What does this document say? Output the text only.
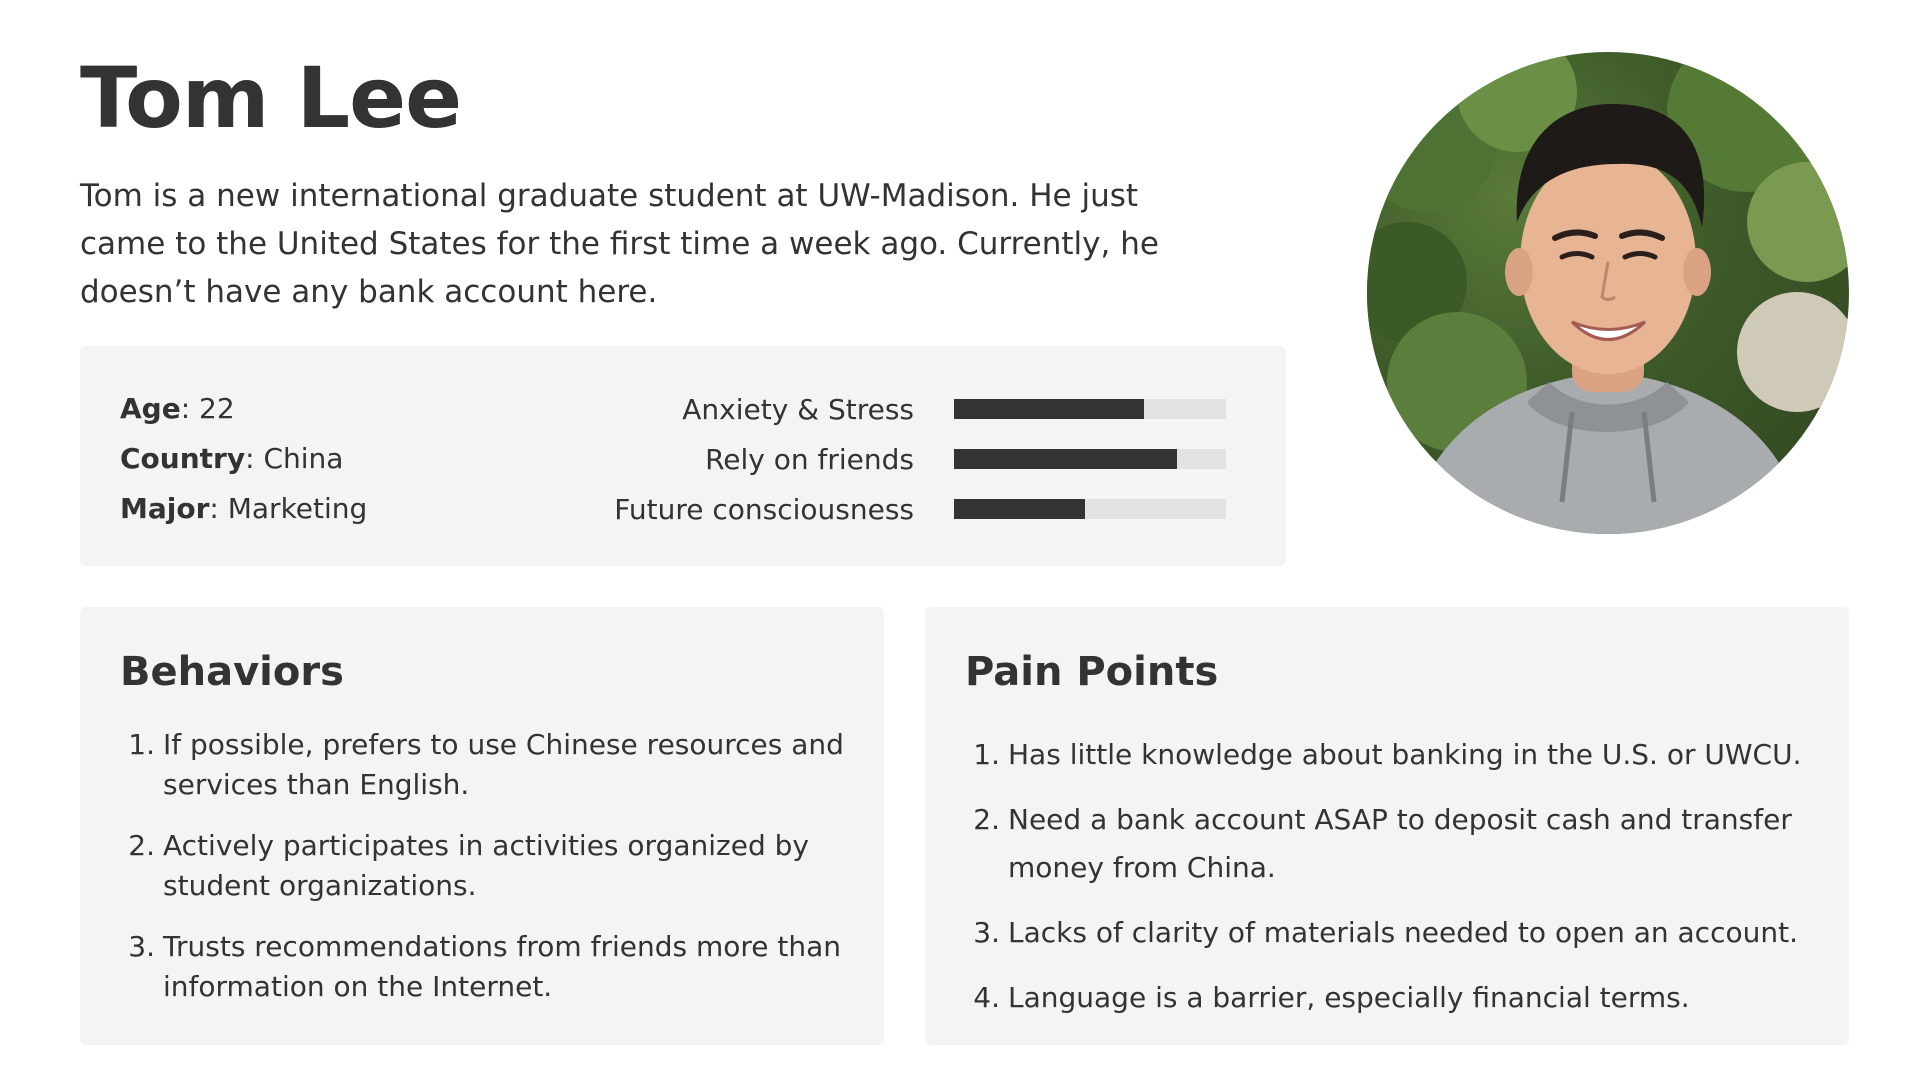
Tom Lee

Tom is a new international graduate student at UW-Madison. He just came to the United States for the first time a week ago. Currently, he doesn’t have any bank account here.

Age: 22
Country: China
Major: Marketing
Anxiety & Stress
Rely on friends
Future consciousness
Behaviors
1. If possible, prefers to use Chinese resources and services than English.
2. Actively participates in activities organized by student organizations.
3. Trusts recommendations from friends more than information on the Internet.
Pain Points
1. Has little knowledge about banking in the U.S. or UWCU.
2. Need a bank account ASAP to deposit cash and transfer money from China.
3. Lacks of clarity of materials needed to open an account.
4. Language is a barrier, especially financial terms.
